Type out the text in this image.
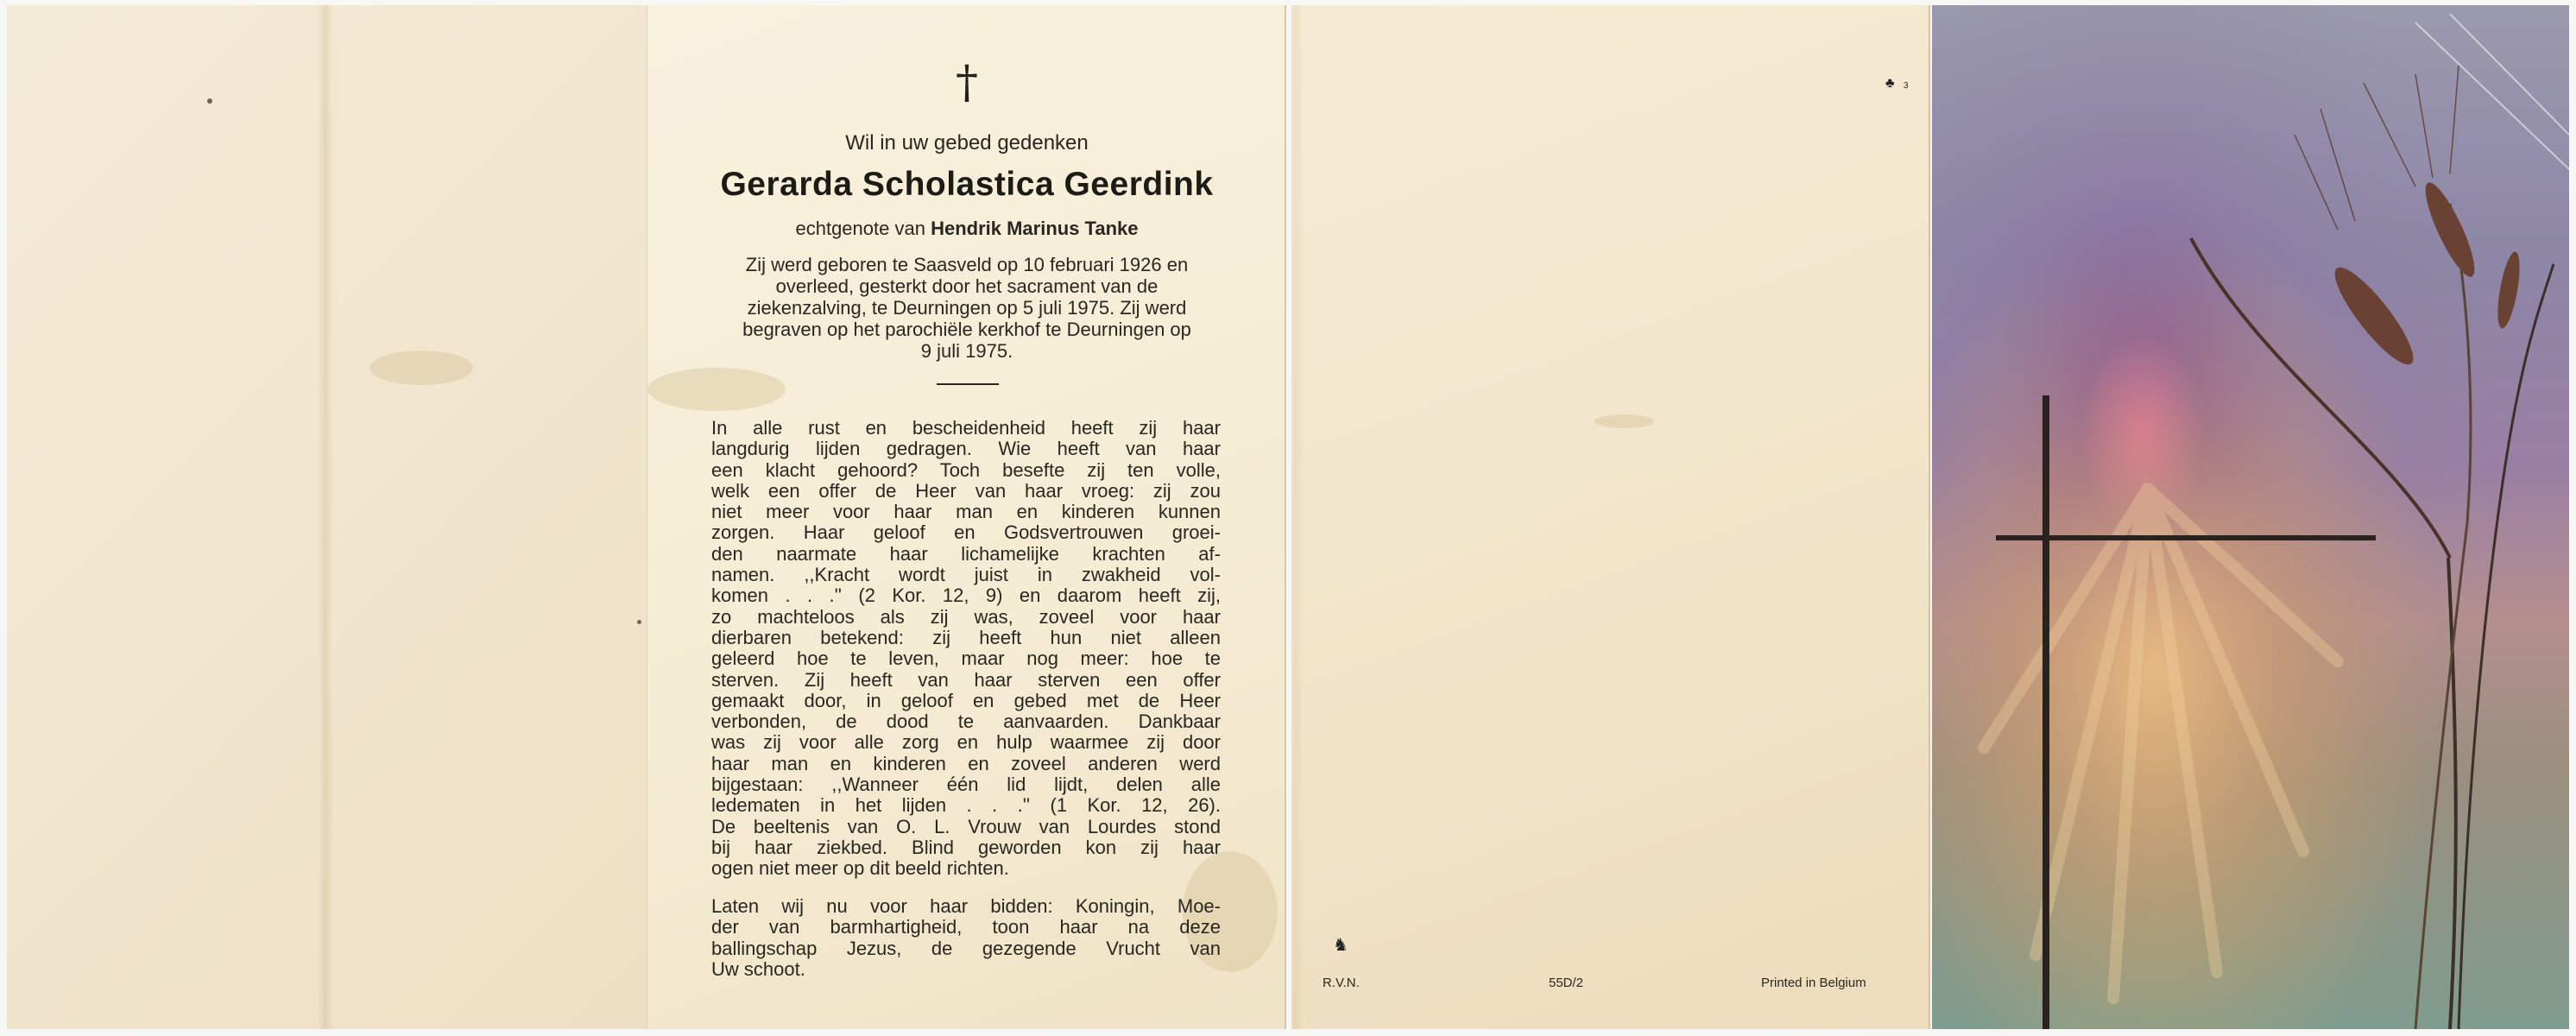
†
Wil in uw gebed gedenken
Gerarda Scholastica Geerdink
echtgenote van Hendrik Marinus Tanke
Zij werd geboren te Saasveld op 10 februari 1926 en overleed, gesterkt door het sacrament van de ziekenzalving, te Deurningen op 5 juli 1975. Zij werd begraven op het parochiële kerkhof te Deurningen op 9 juli 1975.
In alle rust en bescheidenheid heeft zij haar
langdurig lijden gedragen. Wie heeft van haar
een klacht gehoord? Toch besefte zij ten volle,
welk een offer de Heer van haar vroeg: zij zou
niet meer voor haar man en kinderen kunnen
zorgen. Haar geloof en Godsvertrouwen groei-
den naarmate haar lichamelijke krachten af-
namen. ,,Kracht wordt juist in zwakheid vol-
komen . . .'' (2 Kor. 12, 9) en daarom heeft zij,
zo machteloos als zij was, zoveel voor haar
dierbaren betekend: zij heeft hun niet alleen
geleerd hoe te leven, maar nog meer: hoe te
sterven. Zij heeft van haar sterven een offer
gemaakt door, in geloof en gebed met de Heer
verbonden, de dood te aanvaarden. Dankbaar
was zij voor alle zorg en hulp waarmee zij door
haar man en kinderen en zoveel anderen werd
bijgestaan: ,,Wanneer één lid lijdt, delen alle
ledematen in het lijden . . .'' (1 Kor. 12, 26).
De beeltenis van O. L. Vrouw van Lourdes stond
bij haar ziekbed. Blind geworden kon zij haar
ogen niet meer op dit beeld richten.
Laten wij nu voor haar bidden: Koningin, Moe-
der van barmhartigheid, toon haar na deze
ballingschap Jezus, de gezegende Vrucht van
Uw schoot.
♣ 3
♞
R.V.N.	55D/2	Printed in Belgium
